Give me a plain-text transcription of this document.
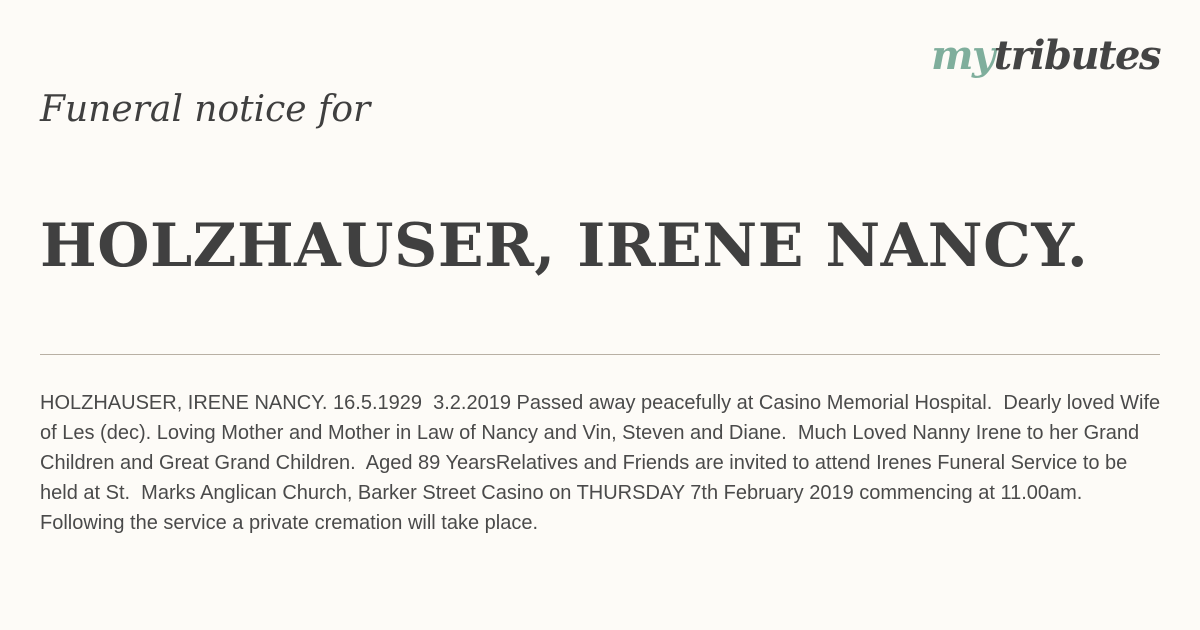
mytributes
Funeral notice for
HOLZHAUSER, IRENE NANCY.
HOLZHAUSER, IRENE NANCY. 16.5.1929  3.2.2019 Passed away peacefully at Casino Memorial Hospital.  Dearly loved Wife of Les (dec). Loving Mother and Mother in Law of Nancy and Vin, Steven and Diane.  Much Loved Nanny Irene to her Grand Children and Great Grand Children.  Aged 89 YearsRelatives and Friends are invited to attend Irenes Funeral Service to be held at St.  Marks Anglican Church, Barker Street Casino on THURSDAY 7th February 2019 commencing at 11.00am.  Following the service a private cremation will take place.
